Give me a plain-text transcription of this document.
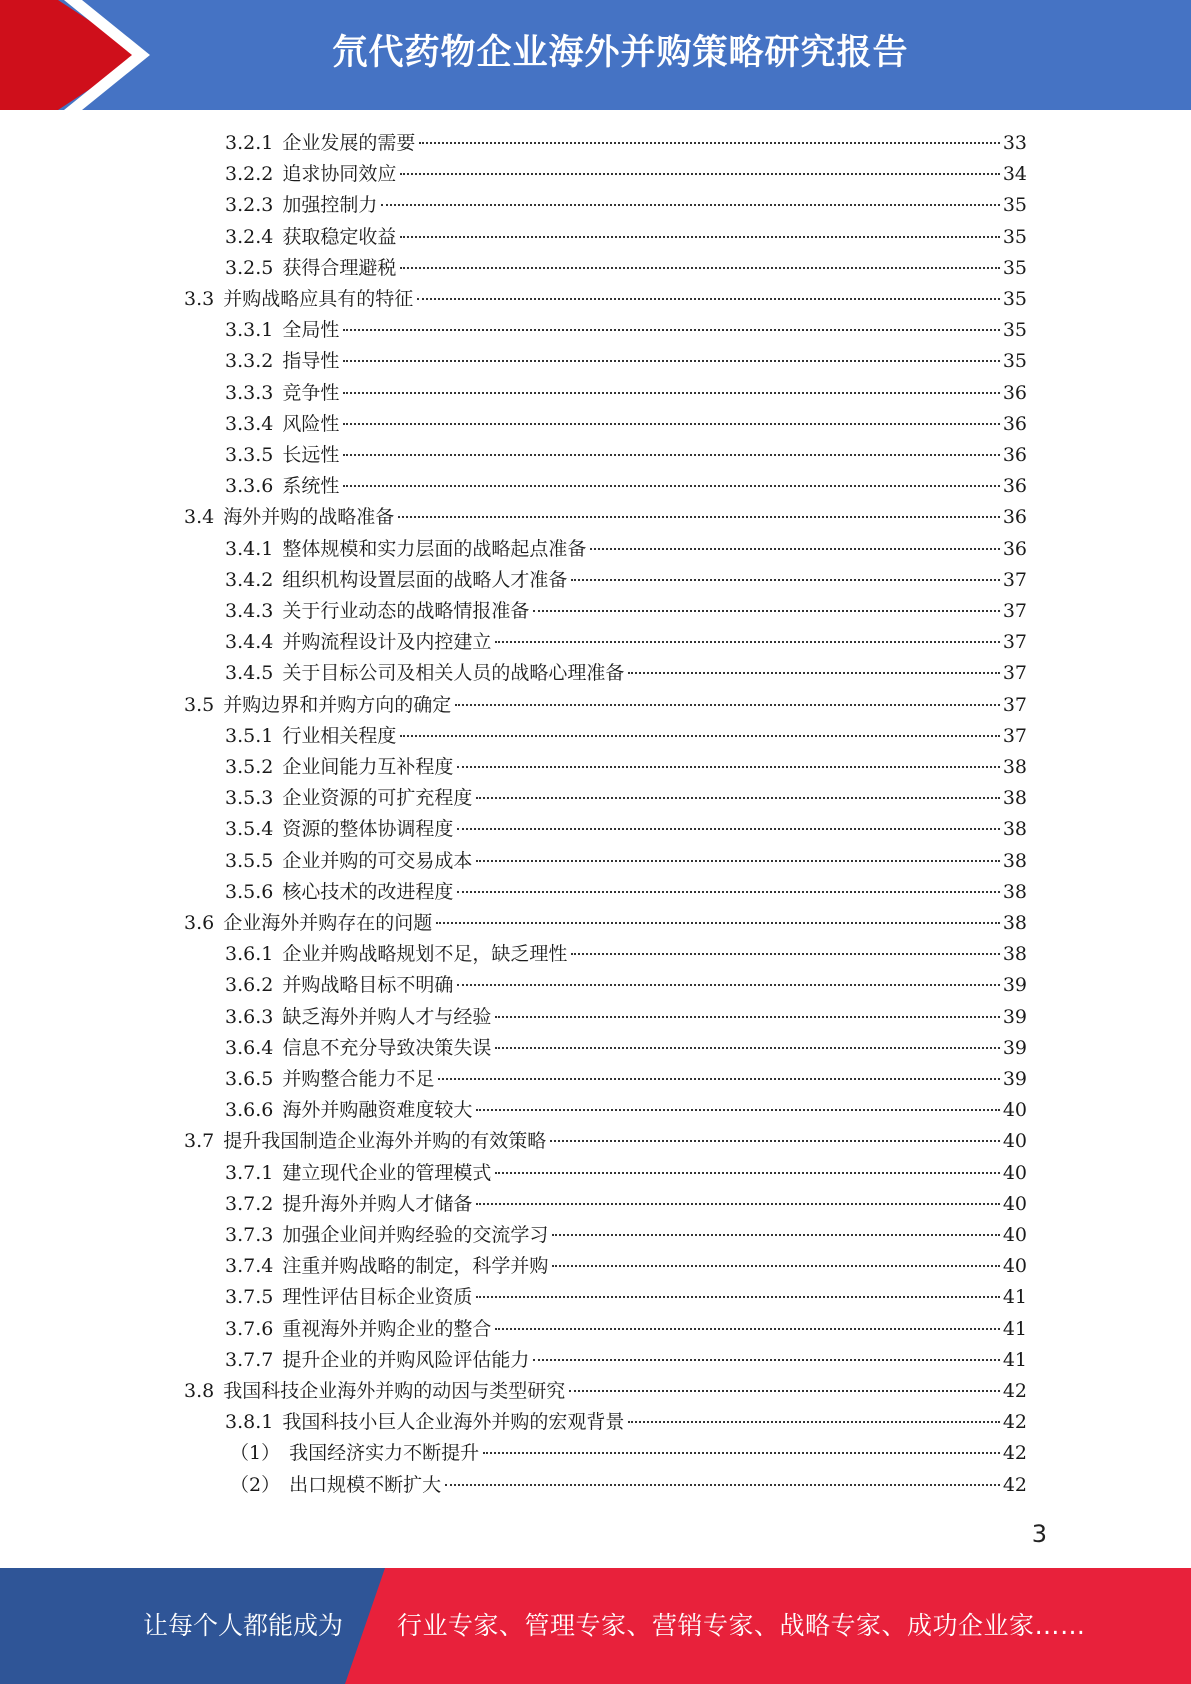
氘代药物企业海外并购策略研究报告
3.2.1 企业发展的需要	33
3.2.2 追求协同效应	34
3.2.3 加强控制力	35
3.2.4 获取稳定收益	35
3.2.5 获得合理避税	35
3.3 并购战略应具有的特征	35
3.3.1 全局性	35
3.3.2 指导性	35
3.3.3 竞争性	36
3.3.4 风险性	36
3.3.5 长远性	36
3.3.6 系统性	36
3.4 海外并购的战略准备	36
3.4.1 整体规模和实力层面的战略起点准备	36
3.4.2 组织机构设置层面的战略人才准备	37
3.4.3 关于行业动态的战略情报准备	37
3.4.4 并购流程设计及内控建立	37
3.4.5 关于目标公司及相关人员的战略心理准备	37
3.5 并购边界和并购方向的确定	37
3.5.1 行业相关程度	37
3.5.2 企业间能力互补程度	38
3.5.3 企业资源的可扩充程度	38
3.5.4 资源的整体协调程度	38
3.5.5 企业并购的可交易成本	38
3.5.6 核心技术的改进程度	38
3.6 企业海外并购存在的问题	38
3.6.1 企业并购战略规划不足，缺乏理性	38
3.6.2 并购战略目标不明确	39
3.6.3 缺乏海外并购人才与经验	39
3.6.4 信息不充分导致决策失误	39
3.6.5 并购整合能力不足	39
3.6.6 海外并购融资难度较大	40
3.7 提升我国制造企业海外并购的有效策略	40
3.7.1 建立现代企业的管理模式	40
3.7.2 提升海外并购人才储备	40
3.7.3 加强企业间并购经验的交流学习	40
3.7.4 注重并购战略的制定，科学并购	40
3.7.5 理性评估目标企业资质	41
3.7.6 重视海外并购企业的整合	41
3.7.7 提升企业的并购风险评估能力	41
3.8 我国科技企业海外并购的动因与类型研究	42
3.8.1 我国科技小巨人企业海外并购的宏观背景	42
（1） 我国经济实力不断提升	42
（2） 出口规模不断扩大	42
3
让每个人都能成为 行业专家、管理专家、营销专家、战略专家、成功企业家……
